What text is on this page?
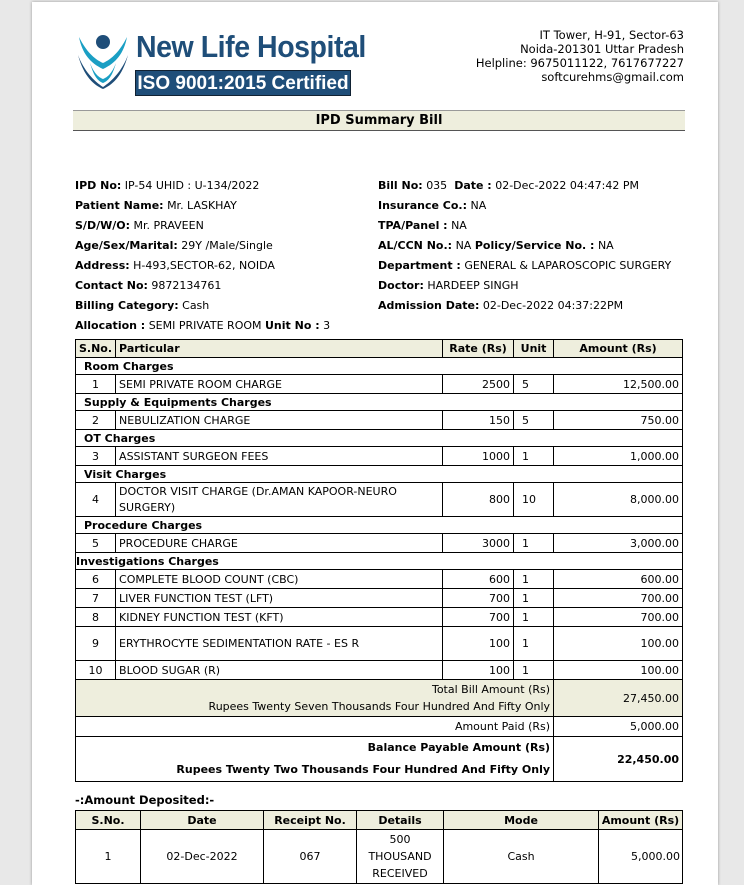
New Life Hospital
ISO 9001:2015 Certified
IT Tower, H-91, Sector-63
Noida-201301 Uttar Pradesh
Helpline: 9675011122, 7617677227
softcurehms@gmail.com
IPD Summary Bill
IPD No: IP-54 UHID : U-134/2022
Patient Name: Mr. LASKHAY
S/D/W/O: Mr. PRAVEEN
Age/Sex/Marital: 29Y /Male/Single
Address: H-493,SECTOR-62, NOIDA
Contact No: 9872134761
Billing Category: Cash
Allocation : SEMI PRIVATE ROOM Unit No : 3
Bill No: 035 Date : 02-Dec-2022 04:47:42 PM
Insurance Co.: NA
TPA/Panel : NA
AL/CCN No.: NA Policy/Service No. : NA
Department : GENERAL & LAPAROSCOPIC SURGERY
Doctor: HARDEEP SINGH
Admission Date: 02-Dec-2022 04:37:22PM
S.No.	Particular	Rate (Rs)	Unit	Amount (Rs)
Room Charges				
1	SEMI PRIVATE ROOM CHARGE	2500	5	12,500.00
Supply & Equipments Charges				
2	NEBULIZATION CHARGE	150	5	750.00
OT Charges				
3	ASSISTANT SURGEON FEES	1000	1	1,000.00
Visit Charges				
4	DOCTOR VISIT CHARGE (Dr.AMAN KAPOOR-NEURO SURGERY)	800	10	8,000.00
Procedure Charges				
5	PROCEDURE CHARGE	3000	1	3,000.00
Investigations Charges				
6	COMPLETE BLOOD COUNT (CBC)	600	1	600.00
7	LIVER FUNCTION TEST (LFT)	700	1	700.00
8	KIDNEY FUNCTION TEST (KFT)	700	1	700.00
9	ERYTHROCYTE SEDIMENTATION RATE - ES R	100	1	100.00
10	BLOOD SUGAR (R)	100	1	100.00

Total Bill Amount (Rs)
Rupees Twenty Seven Thousands Four Hundred And Fifty Only				27,450.00
Amount Paid (Rs)				5,000.00

Balance Payable Amount (Rs)
Rupees Twenty Two Thousands Four Hundred And Fifty Only				22,450.00
-:Amount Deposited:-
S.No.	Date	Receipt No.	Details	Mode	Amount (Rs)
1	02-Dec-2022	067	500 THOUSAND RECEIVED	Cash	5,000.00
